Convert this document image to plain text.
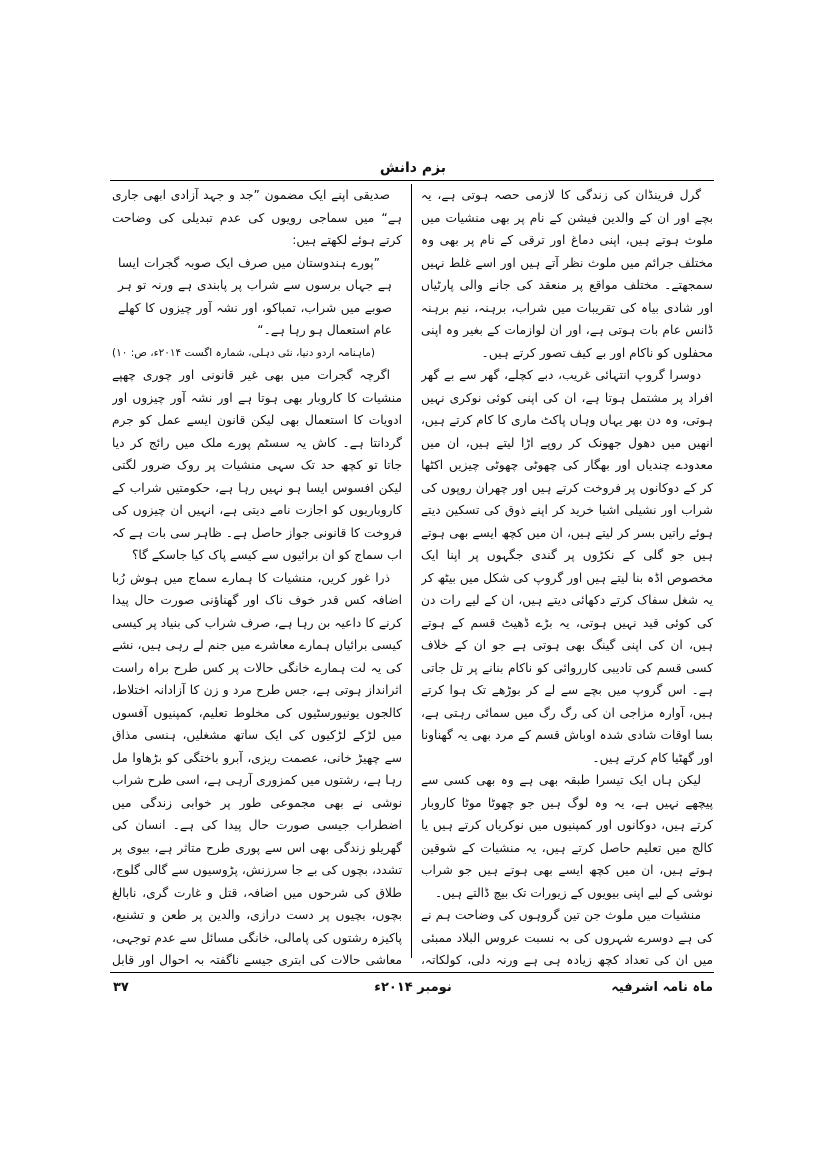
بزم دانش

گرل فرینڈان کی زندگی کا لازمی حصہ ہوتی ہے، یہ بچے اور ان کے والدین فیشن کے نام پر بھی منشیات میں ملوث ہوتے ہیں، اپنی دماغ اور ترقی کے نام پر بھی وہ مختلف جرائم میں ملوث نظر آتے ہیں اور اسے غلط نہیں سمجھتے۔ مختلف مواقع پر منعقد کی جانے والی پارٹیاں اور شادی بیاہ کی تقریبات میں شراب، برہنہ، نیم برہنہ ڈانس عام بات ہوتی ہے، اور ان لوازمات کے بغیر وہ اپنی محفلوں کو ناکام اور بے کیف تصور کرتے ہیں۔

دوسرا گروپ انتہائی غریب، دبے کچلے، گھر سے بے گھر افراد پر مشتمل ہوتا ہے، ان کی اپنی کوئی نوکری نہیں ہوتی، وہ دن بھر یہاں وہاں پاکٹ ماری کا کام کرتے ہیں، انھیں میں دھول جھونک کر روپے اڑا لیتے ہیں، ان میں معدودے چندیاں اور بھگار کی چھوٹی چھوٹی چیزیں اکٹھا کر کے دوکانوں پر فروخت کرتے ہیں اور چھران روپوں کی شراب اور نشیلی اشیا خرید کر اپنے ذوق کی تسکین دیتے ہوئے راتیں بسر کر لیتے ہیں، ان میں کچھ ایسے بھی ہوتے ہیں جو گلی کے نکڑوں پر گندی جگہوں پر اپنا ایک مخصوص اڈہ بنا لیتے ہیں اور گروپ کی شکل میں بیٹھ کر یہ شغل سفاک کرتے دکھائی دیتے ہیں، ان کے لیے رات دن کی کوئی قید نہیں ہوتی، یہ بڑے ڈھیٹ قسم کے ہوتے ہیں، ان کی اپنی گینگ بھی ہوتی ہے جو ان کے خلاف کسی قسم کی تادیبی کارروائی کو ناکام بنانے پر تل جاتی ہے۔ اس گروپ میں بچے سے لے کر بوڑھے تک ہوا کرتے ہیں، آوارہ مزاجی ان کی رگ رگ میں سمائی رہتی ہے، بسا اوقات شادی شدہ اوباش قسم کے مرد بھی یہ گھناونا اور گھٹیا کام کرتے ہیں۔

لیکن ہاں ایک تیسرا طبقہ بھی ہے وہ بھی کسی سے پیچھے نہیں ہے، یہ وہ لوگ ہیں جو چھوٹا موٹا کاروبار کرتے ہیں، دوکانوں اور کمپنیوں میں نوکریاں کرتے ہیں یا کالج میں تعلیم حاصل کرتے ہیں، یہ منشیات کے شوقین ہوتے ہیں، ان میں کچھ ایسے بھی ہوتے ہیں جو شراب نوشی کے لیے اپنی بیویوں کے زیورات تک بیچ ڈالتے ہیں۔

منشیات میں ملوث جن تین گروہوں کی وضاحت ہم نے کی ہے دوسرے شہروں کی بہ نسبت عروس البلاد ممبئی میں ان کی تعداد کچھ زیادہ ہی ہے ورنہ دلی، کولکاتہ،

صدیقی اپنے ایک مضمون ”جد و جہد آزادی ابھی جاری ہے“ میں سماجی رویوں کی عدم تبدیلی کی وضاحت کرتے ہوئے لکھتے ہیں:

”پورے ہندوستان میں صرف ایک صوبہ گجرات ایسا ہے جہاں برسوں سے شراب پر پابندی ہے ورنہ تو ہر صوبے میں شراب، تمباکو، اور نشہ آور چیزوں کا کھلے عام استعمال ہو رہا ہے۔“

(ماہنامہ اردو دنیا، نئی دہلی، شمارہ اگست ۲۰۱۴ء، ص: ۱۰)

اگرچہ گجرات میں بھی غیر قانونی اور چوری چھپے منشیات کا کاروبار بھی ہوتا ہے اور نشہ آور چیزوں اور ادویات کا استعمال بھی لیکن قانون ایسے عمل کو جرم گردانتا ہے۔ کاش یہ سسٹم پورے ملک میں رائج کر دیا جاتا تو کچھ حد تک سہی منشیات پر روک ضرور لگتی لیکن افسوس ایسا ہو نہیں رہا ہے، حکومتیں شراب کے کاروباریوں کو اجازت نامے دیتی ہے، انہیں ان چیزوں کی فروخت کا قانونی جواز حاصل ہے۔ ظاہر سی بات ہے کہ اب سماج کو ان برائیوں سے کیسے پاک کیا جاسکے گا؟

ذرا غور کریں، منشیات کا ہمارے سماج میں ہوش رُبا اضافہ کس قدر خوف ناک اور گھناؤنی صورت حال پیدا کرنے کا داعیہ بن رہا ہے، صرف شراب کی بنیاد پر کیسی کیسی برائیاں ہمارے معاشرے میں جنم لے رہی ہیں، نشے کی یہ لت ہمارے خانگی حالات پر کس طرح براہ راست اثرانداز ہوتی ہے، جس طرح مرد و زن کا آزادانہ اختلاط، کالجوں یونیورسٹیوں کی مخلوط تعلیم، کمپنیوں آفسوں میں لڑکے لڑکیوں کی ایک ساتھ مشغلیں، ہنسی مذاق سے چھیڑ خانی، عصمت ریزی، آبرو باختگی کو بڑھاوا مل رہا ہے، رشتوں میں کمزوری آرہی ہے، اسی طرح شراب نوشی نے بھی مجموعی طور پر خوابی زندگی میں اضطراب جیسی صورت حال پیدا کی ہے۔ انسان کی گھریلو زندگی بھی اس سے پوری طرح متاثر ہے، بیوی پر تشدد، بچوں کی بے جا سرزنش، پڑوسیوں سے گالی گلوج، طلاق کی شرحوں میں اضافہ، قتل و غارت گری، نابالغ بچوں، بچیوں پر دست درازی، والدین پر طعن و تشنیع، پاکیزہ رشتوں کی پامالی، خانگی مسائل سے عدم توجہی، معاشی حالات کی ابتری جیسے ناگفتہ بہ احوال اور قابل

ماہ نامہ اشرفیہ
نومبر ۲۰۱۴ء
۳۷
